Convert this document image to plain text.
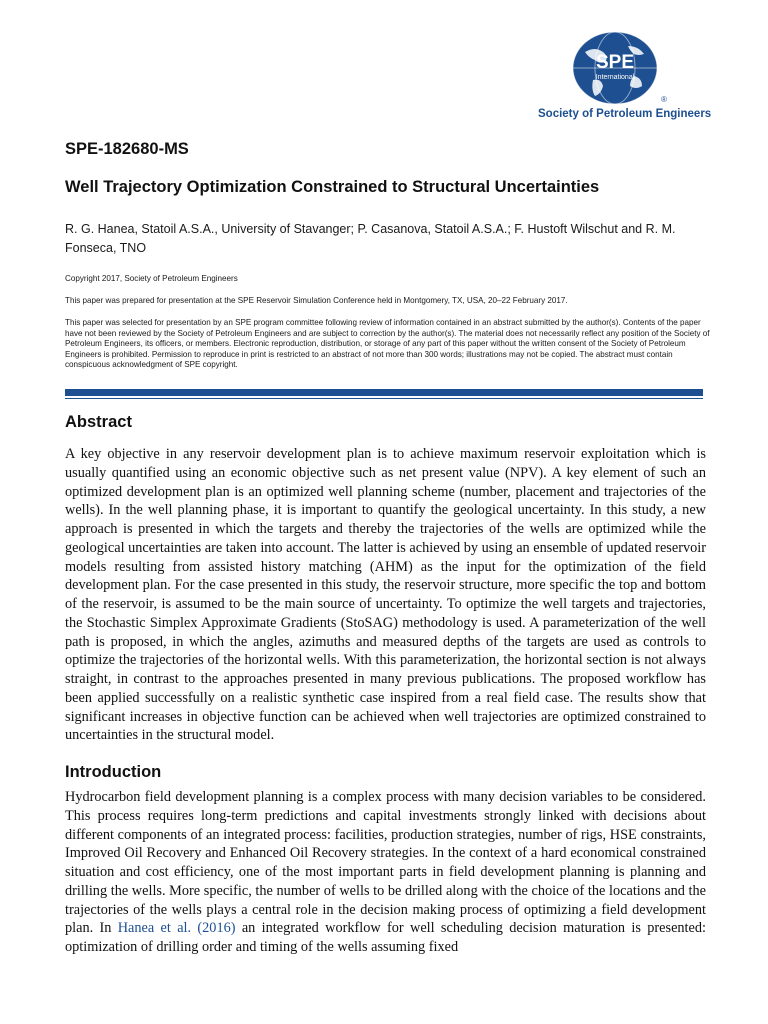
SPE
International
®
Society of Petroleum Engineers
SPE-182680-MS
Well Trajectory Optimization Constrained to Structural Uncertainties
R. G. Hanea, Statoil A.S.A., University of Stavanger; P. Casanova, Statoil A.S.A.; F. Hustoft Wilschut and R. M. Fonseca, TNO
Copyright 2017, Society of Petroleum Engineers
This paper was prepared for presentation at the SPE Reservoir Simulation Conference held in Montgomery, TX, USA, 20–22 February 2017.
This paper was selected for presentation by an SPE program committee following review of information contained in an abstract submitted by the author(s). Contents of the paper have not been reviewed by the Society of Petroleum Engineers and are subject to correction by the author(s). The material does not necessarily reflect any position of the Society of Petroleum Engineers, its officers, or members. Electronic reproduction, distribution, or storage of any part of this paper without the written consent of the Society of Petroleum Engineers is prohibited. Permission to reproduce in print is restricted to an abstract of not more than 300 words; illustrations may not be copied. The abstract must contain conspicuous acknowledgment of SPE copyright.
Abstract

A key objective in any reservoir development plan is to achieve maximum reservoir exploitation which is usually quantified using an economic objective such as net present value (NPV). A key element of such an optimized development plan is an optimized well planning scheme (number, placement and trajectories of the wells). In the well planning phase, it is important to quantify the geological uncertainty. In this study, a new approach is presented in which the targets and thereby the trajectories of the wells are optimized while the geological uncertainties are taken into account. The latter is achieved by using an ensemble of updated reservoir models resulting from assisted history matching (AHM) as the input for the optimization of the field development plan. For the case presented in this study, the reservoir structure, more specific the top and bottom of the reservoir, is assumed to be the main source of uncertainty. To optimize the well targets and trajectories, the Stochastic Simplex Approximate Gradients (StoSAG) methodology is used. A parameterization of the well path is proposed, in which the angles, azimuths and measured depths of the targets are used as controls to optimize the trajectories of the horizontal wells. With this parameterization, the horizontal section is not always straight, in contrast to the approaches presented in many previous publications. The proposed workflow has been applied successfully on a realistic synthetic case inspired from a real field case. The results show that significant increases in objective function can be achieved when well trajectories are optimized constrained to uncertainties in the structural model.

Introduction

Hydrocarbon field development planning is a complex process with many decision variables to be considered. This process requires long-term predictions and capital investments strongly linked with decisions about different components of an integrated process: facilities, production strategies, number of rigs, HSE constraints, Improved Oil Recovery and Enhanced Oil Recovery strategies. In the context of a hard economical constrained situation and cost efficiency, one of the most important parts in field development planning is planning and drilling the wells. More specific, the number of wells to be drilled along with the choice of the locations and the trajectories of the wells plays a central role in the decision making process of optimizing a field development plan. In Hanea et al. (2016) an integrated workflow for well scheduling decision maturation is presented: optimization of drilling order and timing of the wells assuming fixed
